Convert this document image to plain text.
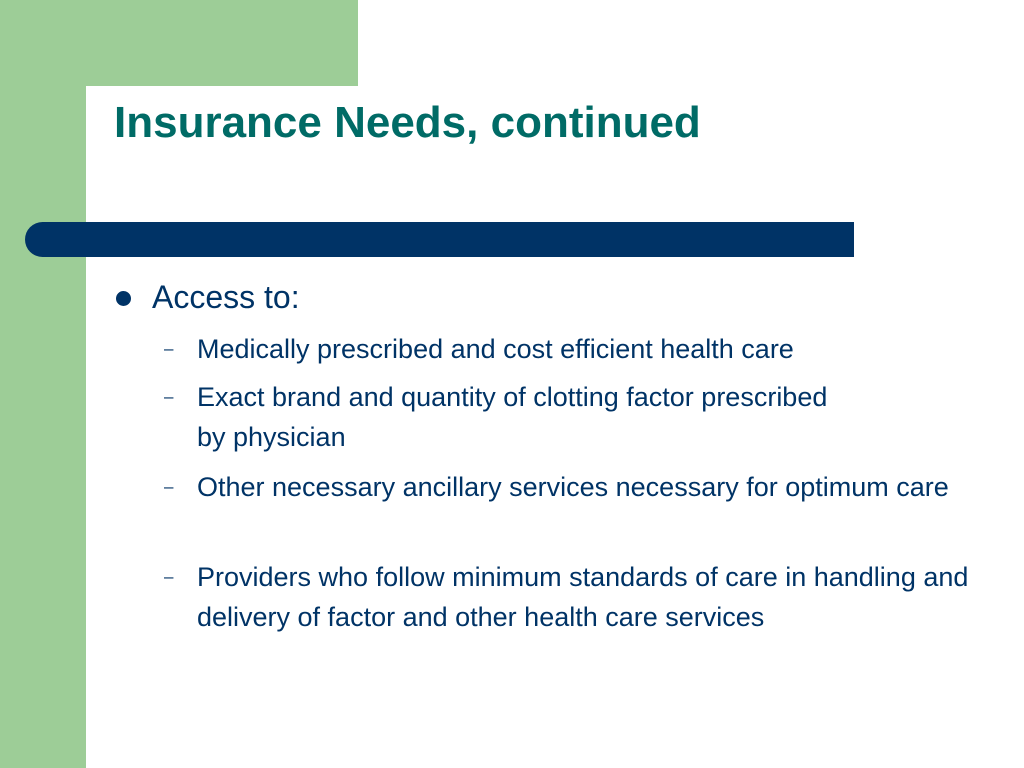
Insurance Needs, continued
Access to:
– Medically prescribed and cost efficient health care
– Exact brand and quantity of clotting factor prescribed by physician
– Other necessary ancillary services necessary for optimum care
– Providers who follow minimum standards of care in handling and delivery of factor and other health care services
